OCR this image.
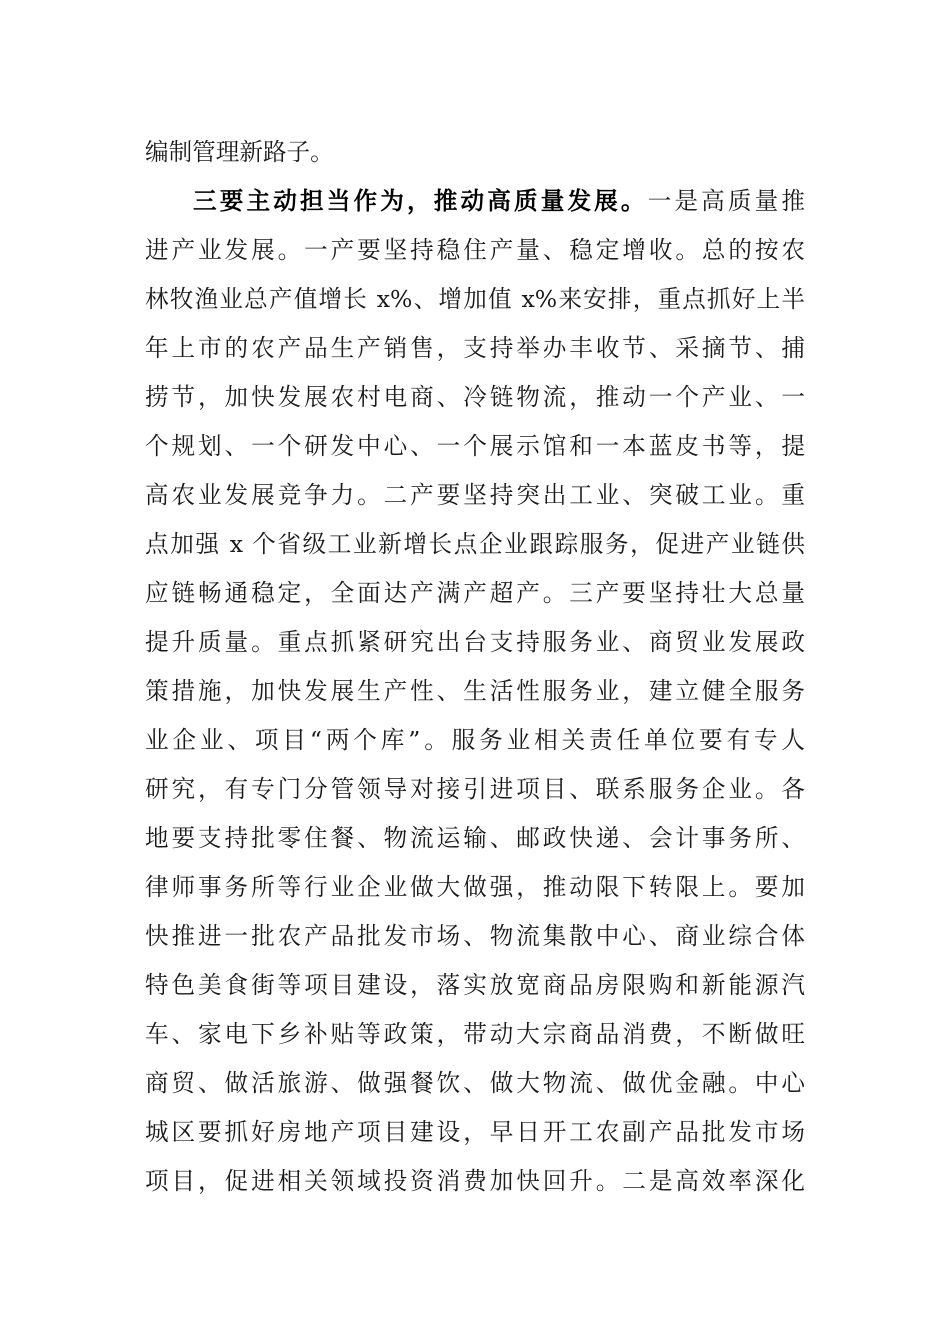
编制管理新路子。
三要主动担当作为，推动高质量发展。一是高质量推
进产业发展。一产要坚持稳住产量、稳定增收。总的按农
林牧渔业总产值增长 x%、增加值 x%来安排，重点抓好上半
年上市的农产品生产销售，支持举办丰收节、采摘节、捕
捞节，加快发展农村电商、冷链物流，推动一个产业、一
个规划、一个研发中心、一个展示馆和一本蓝皮书等，提
高农业发展竞争力。二产要坚持突出工业、突破工业。重
点加强 x 个省级工业新增长点企业跟踪服务，促进产业链供
应链畅通稳定，全面达产满产超产。三产要坚持壮大总量
提升质量。重点抓紧研究出台支持服务业、商贸业发展政
策措施，加快发展生产性、生活性服务业，建立健全服务
业企业、项目“两个库”。服务业相关责任单位要有专人
研究，有专门分管领导对接引进项目、联系服务企业。各
地要支持批零住餐、物流运输、邮政快递、会计事务所、
律师事务所等行业企业做大做强，推动限下转限上。要加
快推进一批农产品批发市场、物流集散中心、商业综合体
特色美食街等项目建设，落实放宽商品房限购和新能源汽
车、家电下乡补贴等政策，带动大宗商品消费，不断做旺
商贸、做活旅游、做强餐饮、做大物流、做优金融。中心
城区要抓好房地产项目建设，早日开工农副产品批发市场
项目，促进相关领域投资消费加快回升。二是高效率深化
